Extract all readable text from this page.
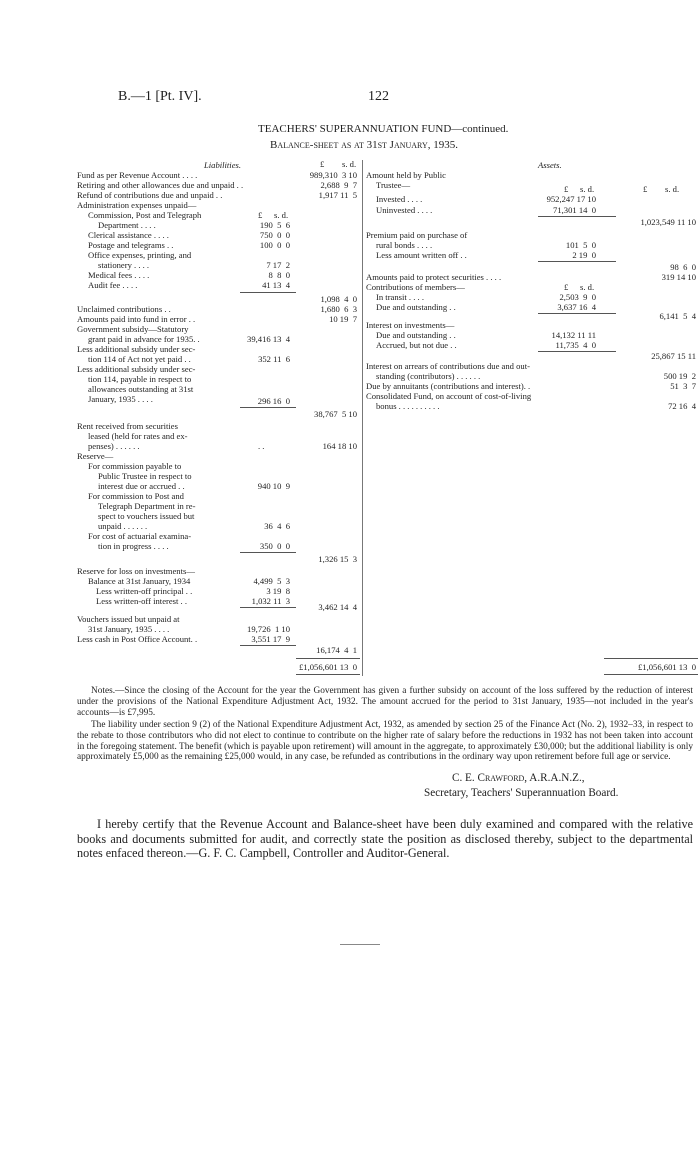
B.—1 [Pt. IV].	122
TEACHERS' SUPERANNUATION FUND—continued.
Balance-sheet as at 31st January, 1935.
Liabilities.	£ s. d.
Fund as per Revenue Account . . . .	989,310  3 10
Retiring and other allowances due and unpaid . .	2,688  9  7
Refund of contributions due and unpaid . .	1,917 11  5
Administration expenses unpaid—
Commission, Post and Telegraph	£ s. d.
Department . . . .	190  5  6
Clerical assistance . . . .	750  0  0
Postage and telegrams . .	100  0  0
Office expenses, printing, and
stationery . . . .	7 17  2
Medical fees . . . .	8  8  0
Audit fee . . . .	41 13  4
1,098  4  0
Unclaimed contributions . .	1,680  6  3
Amounts paid into fund in error . .	10 19  7
Government subsidy—Statutory
grant paid in advance for 1935. .	39,416 13  4
Less additional subsidy under sec-
tion 114 of Act not yet paid . .	352 11  6
Less additional subsidy under sec-
tion 114, payable in respect to
allowances outstanding at 31st
January, 1935 . . . .	296 16  0
38,767  5 10
Rent received from securities
leased (held for rates and ex-
penses) . . . . . .	. .	164 18 10
Reserve—
For commission payable to
Public Trustee in respect to
interest due or accrued . .	940 10  9
For commission to Post and
Telegraph Department in re-
spect to vouchers issued but
unpaid . . . . . .	36  4  6
For cost of actuarial examina-
tion in progress . . . .	350  0  0
1,326 15  3
Reserve for loss on investments—
Balance at 31st January, 1934	4,499  5  3
Less written-off principal . .	3 19  8
Less written-off interest . .	1,032 11  3
3,462 14  4
Vouchers issued but unpaid at
31st January, 1935 . . . .	19,726  1 10
Less cash in Post Office Account. .	3,551 17  9
16,174  4  1
£1,056,601 13  0
Assets.
Amount held by Public
Trustee—	£ s. d.	£ s. d.
Invested . . . .	952,247 17 10
Uninvested . . . .	71,301 14  0
1,023,549 11 10
Premium paid on purchase of
rural bonds . . . .	101  5  0
Less amount written off . .	2 19  0
98  6  0
Amounts paid to protect securities . . . .	319 14 10
Contributions of members—	£ s. d.
In transit . . . .	2,503  9  0
Due and outstanding . .	3,637 16  4
6,141  5  4
Interest on investments—
Due and outstanding . .	14,132 11 11
Accrued, but not due . .	11,735  4  0
25,867 15 11
Interest on arrears of contributions due and out-
standing (contributors) . . . . . .	500 19  2
Due by annuitants (contributions and interest). .	51  3  7
Consolidated Fund, on account of cost-of-living
bonus . . . . . . . . . .	72 16  4
£1,056,601 13  0
Notes.—Since the closing of the Account for the year the Government has given a further subsidy on account of the loss suffered by the reduction of interest under the provisions of the National Expenditure Adjustment Act, 1932. The amount accrued for the period to 31st January, 1935—not included in the year's accounts—is £7,995.
The liability under section 9 (2) of the National Expenditure Adjustment Act, 1932, as amended by section 25 of the Finance Act (No. 2), 1932–33, in respect to the rebate to those contributors who did not elect to continue to contribute on the higher rate of salary before the reductions in 1932 has not been taken into account in the foregoing statement. The benefit (which is payable upon retirement) will amount in the aggregate, to approximately £30,000; but the additional liability is only approximately £5,000 as the remaining £25,000 would, in any case, be refunded as contributions in the ordinary way upon retirement before full age or service.
C. E. Crawford, A.R.A.N.Z.,
Secretary, Teachers' Superannuation Board.
I hereby certify that the Revenue Account and Balance-sheet have been duly examined and compared with the relative books and documents submitted for audit, and correctly state the position as disclosed thereby, subject to the departmental notes enfaced thereon.—G. F. C. Campbell, Controller and Auditor-General.
